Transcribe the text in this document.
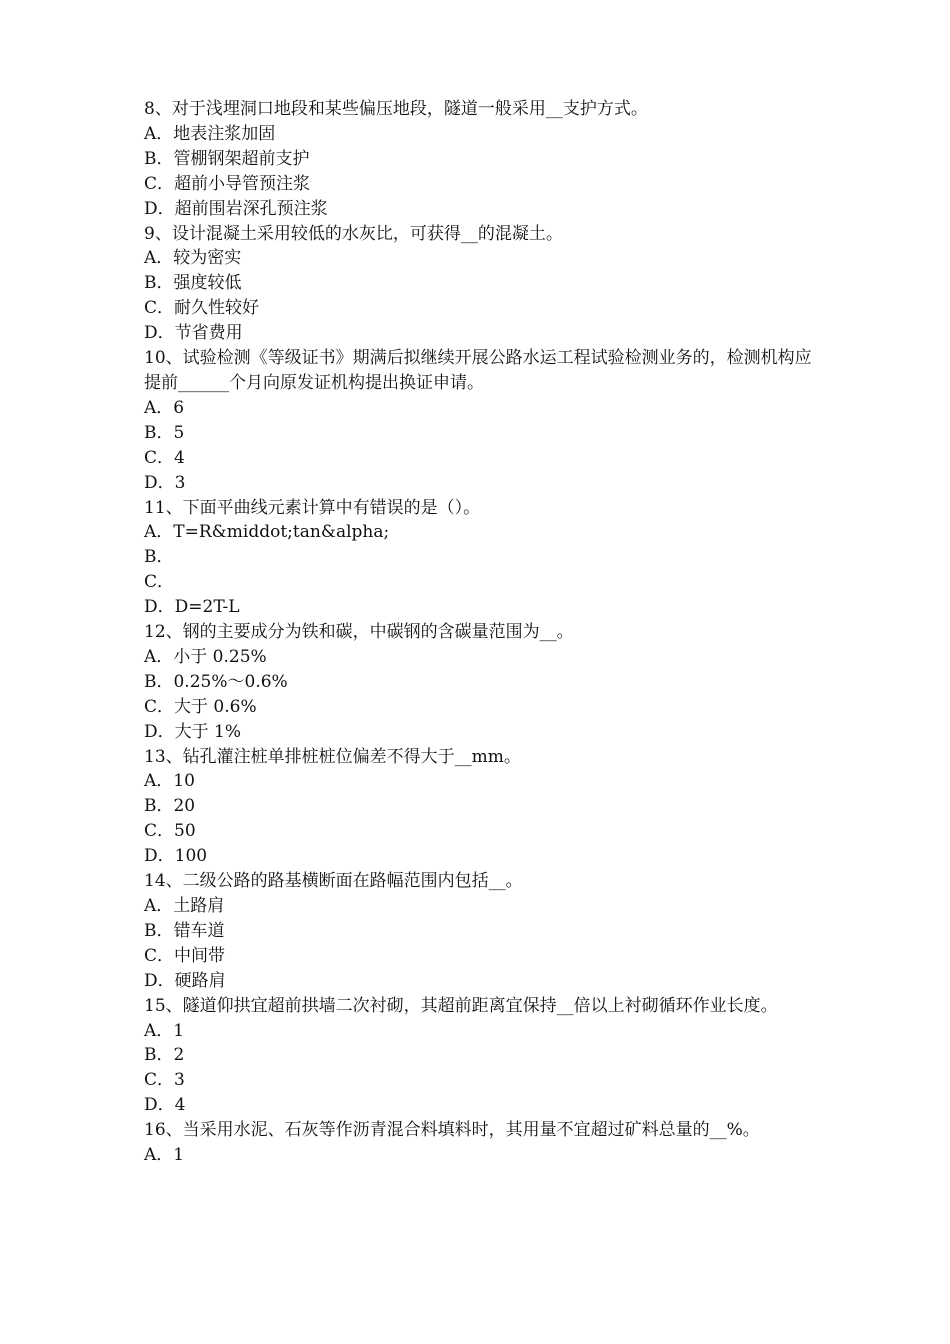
8、对于浅埋洞口地段和某些偏压地段，隧道一般采用__支护方式。
A．地表注浆加固
B．管棚钢架超前支护
C．超前小导管预注浆
D．超前围岩深孔预注浆
9、设计混凝土采用较低的水灰比，可获得__的混凝土。
A．较为密实
B．强度较低
C．耐久性较好
D．节省费用
10、试验检测《等级证书》期满后拟继续开展公路水运工程试验检测业务的，检测机构应提前______个月向原发证机构提出换证申请。
A．6
B．5
C．4
D．3
11、下面平曲线元素计算中有错误的是（）。
A．T=R&middot;tan&alpha;
B．
C．
D．D=2T-L
12、钢的主要成分为铁和碳，中碳钢的含碳量范围为__。
A．小于 0.25%
B．0.25%～0.6%
C．大于 0.6%
D．大于 1%
13、钻孔灌注桩单排桩桩位偏差不得大于__mm。
A．10
B．20
C．50
D．100
14、二级公路的路基横断面在路幅范围内包括__。
A．土路肩
B．错车道
C．中间带
D．硬路肩
15、隧道仰拱宜超前拱墙二次衬砌，其超前距离宜保持__倍以上衬砌循环作业长度。
A．1
B．2
C．3
D．4
16、当采用水泥、石灰等作沥青混合料填料时，其用量不宜超过矿料总量的__%。
A．1
